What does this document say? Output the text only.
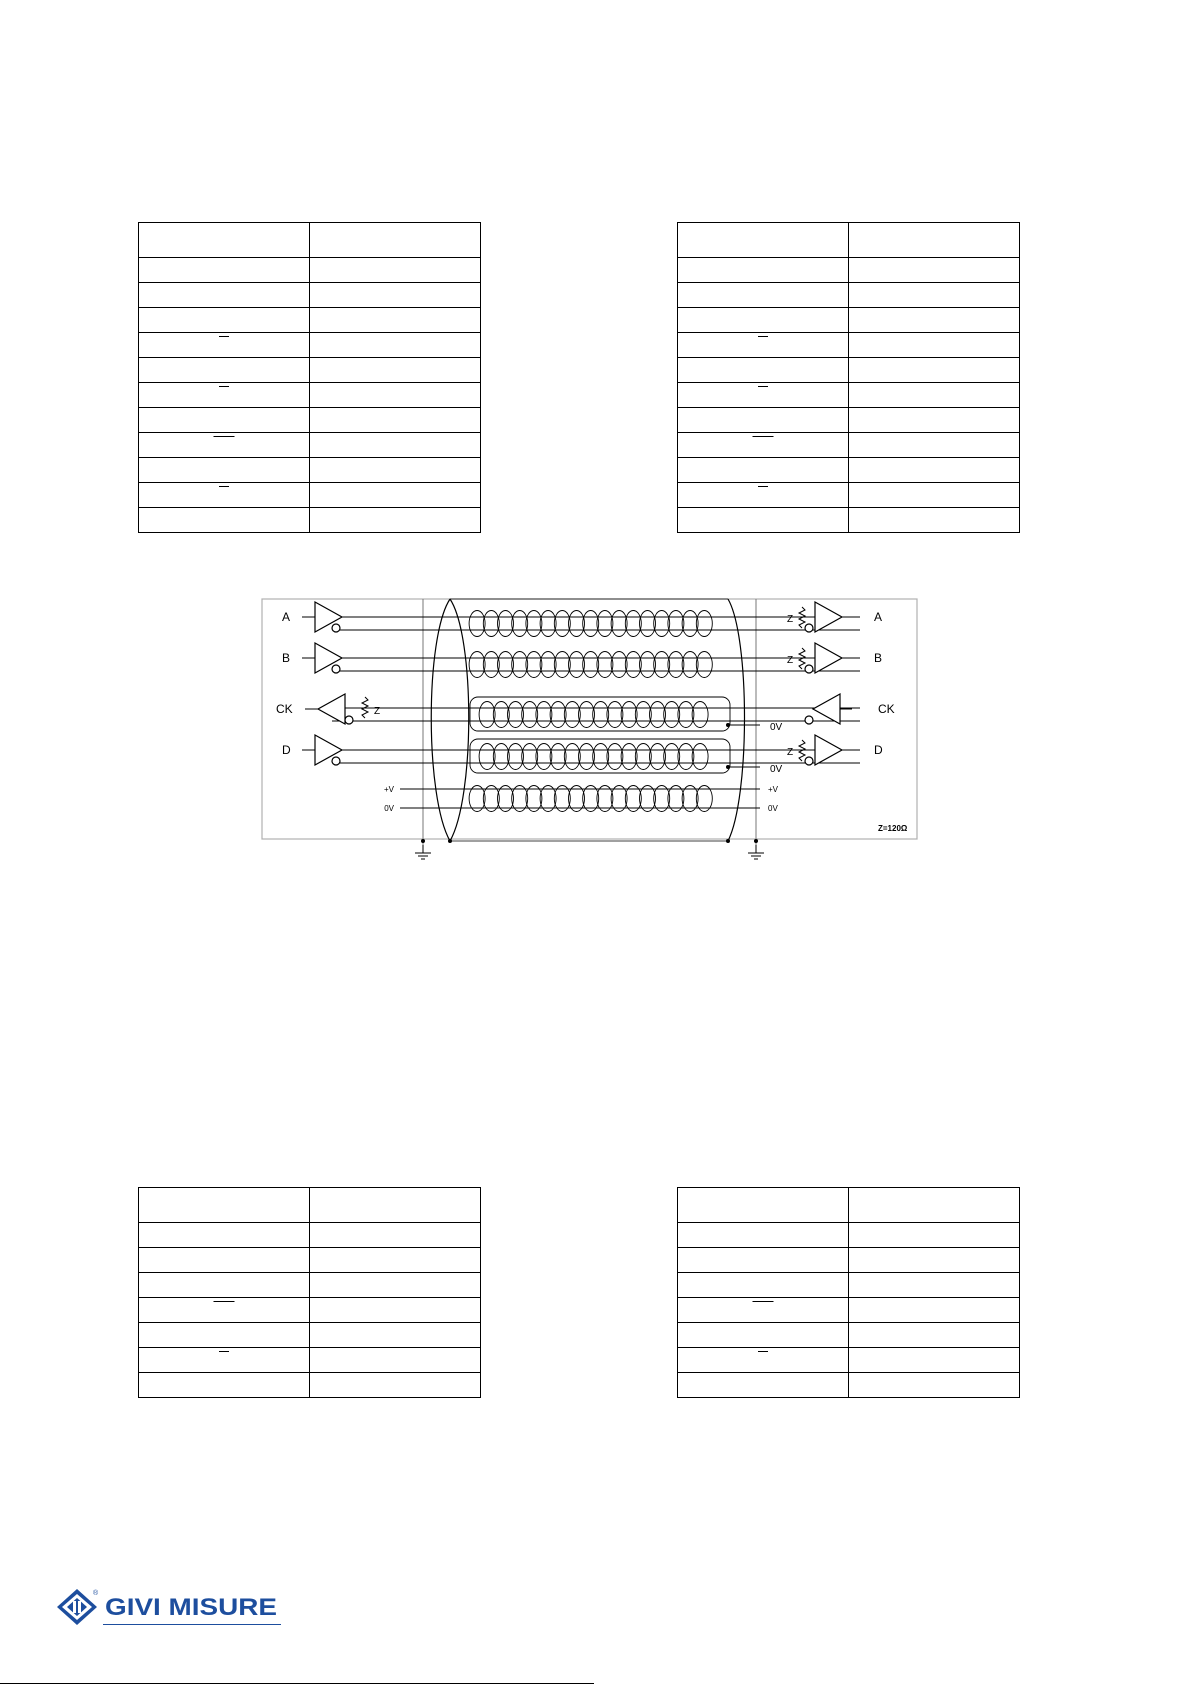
A
B
CK
D
A
B
CK
D
Z
Z
Z
Z
0V
0V
+V
0V
+V
0V
Z=120Ω

®
GIVI MISURE
